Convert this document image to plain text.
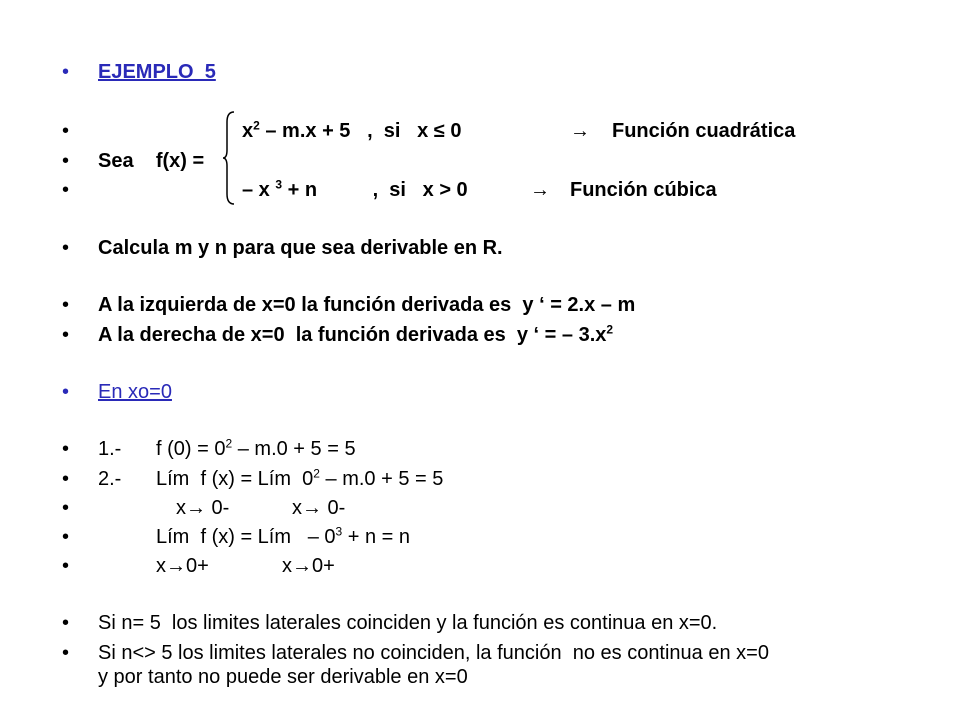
• EJEMPLO  5
•	$x^2 - m.x + 5$   ,  si   x ≤ 0	→ Función cuadrática
• Sea    f(x) =
•	– x $^3$ + n          ,  si   x > 0	→ Función cúbica
• Calcula m y n para que sea derivable en R.
• A la izquierda de x=0 la función derivada es  y ‘ = 2.x – m
• A la derecha de x=0  la función derivada es  y ‘ = – $3.x^2$
• En xo=0
• 1.- f $(0) = 0^2 - m.0 + 5 = 5$
• 2.- Lím  f (x) = Lím  $0^2 - m.0 + 5 = 5$
•	x→ 0-	x→ 0-
•	Lím  f (x) = Lím   – $0^3 + n = n$
•	x→0+	x→0+
• Si n= 5  los limites laterales coinciden y la función es continua en x=0.
• Si n<> 5 los limites laterales no coinciden, la función  no es continua en x=0
y por tanto no puede ser derivable en x=0
